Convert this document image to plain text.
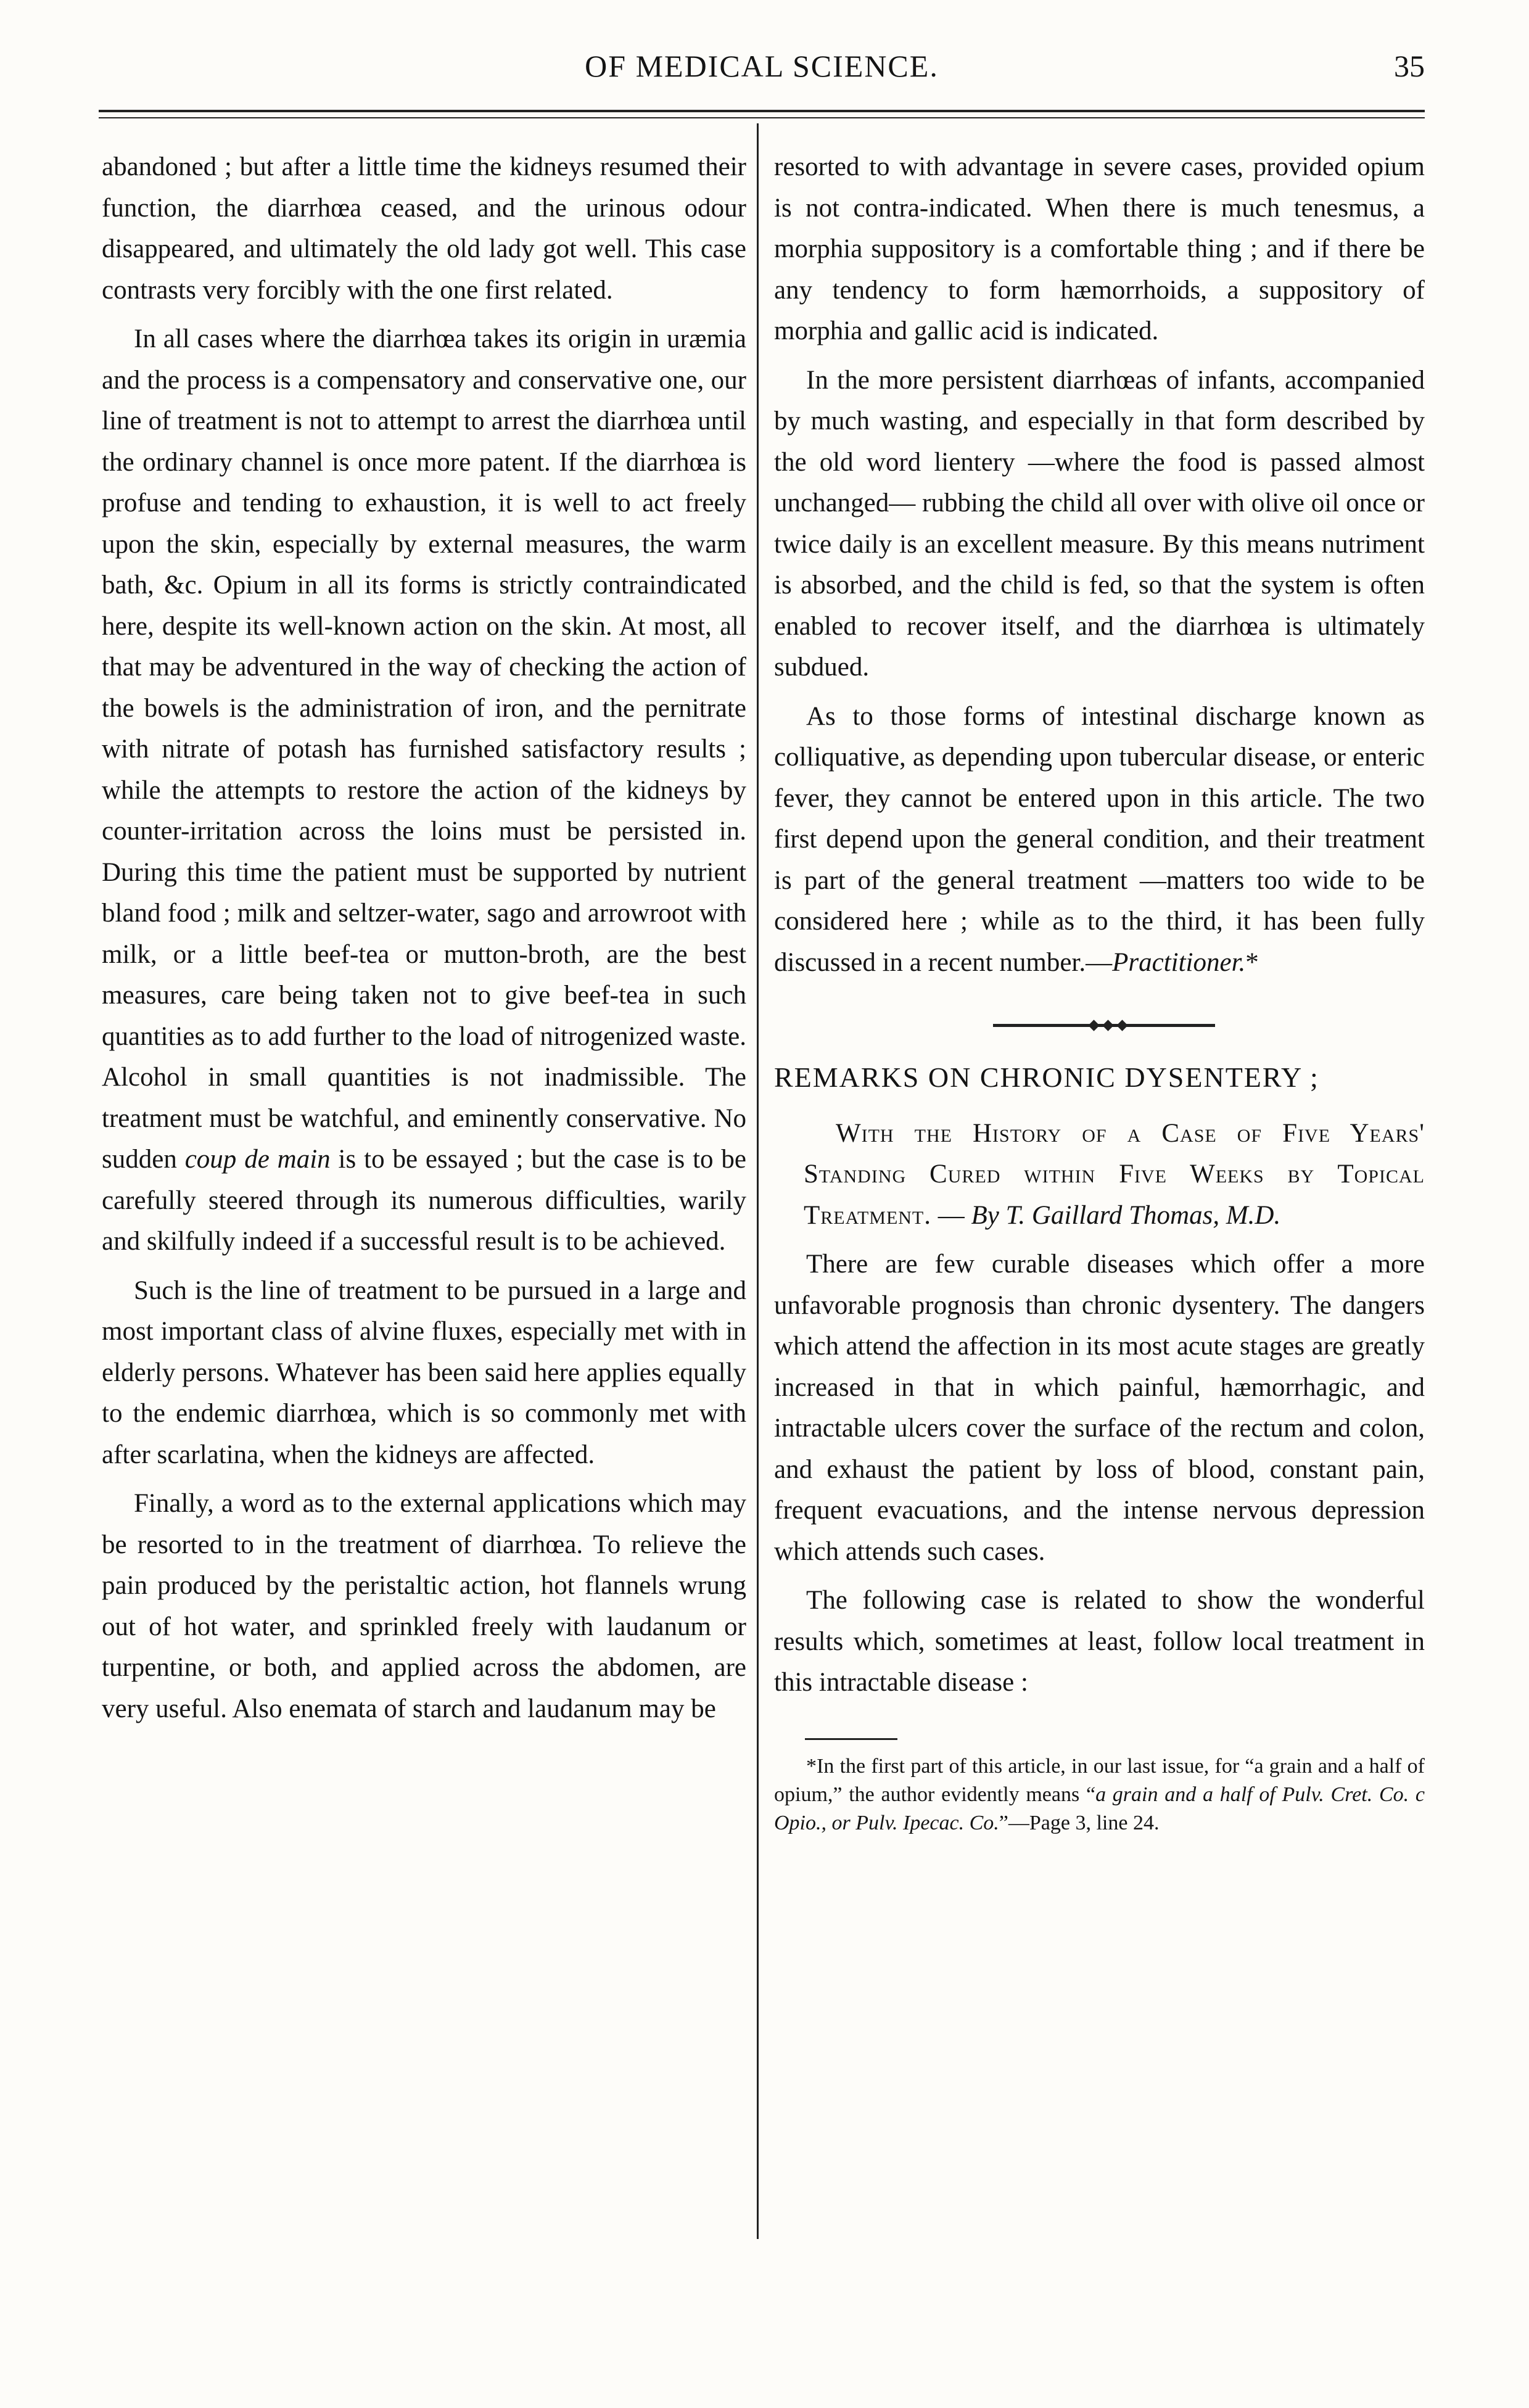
OF MEDICAL SCIENCE.	35

abandoned ; but after a little time the kidneys resumed their function, the diarrhœa ceased, and the urinous odour disappeared, and ultimately the old lady got well. This case contrasts very forcibly with the one first related.

In all cases where the diarrhœa takes its origin in uræmia and the process is a compensatory and conservative one, our line of treatment is not to attempt to arrest the diarrhœa until the ordinary channel is once more patent. If the diarrhœa is profuse and tending to exhaustion, it is well to act freely upon the skin, especially by external measures, the warm bath, &c. Opium in all its forms is strictly contraindicated here, despite its well-known action on the skin. At most, all that may be adventured in the way of checking the action of the bowels is the administration of iron, and the pernitrate with nitrate of potash has furnished satisfactory results ; while the attempts to restore the action of the kidneys by counter-irritation across the loins must be persisted in. During this time the patient must be supported by nutrient bland food ; milk and seltzer-water, sago and arrowroot with milk, or a little beef-tea or mutton-broth, are the best measures, care being taken not to give beef-tea in such quantities as to add further to the load of nitrogenized waste. Alcohol in small quantities is not inadmissible. The treatment must be watchful, and eminently conservative. No sudden coup de main is to be essayed ; but the case is to be carefully steered through its numerous difficulties, warily and skilfully indeed if a successful result is to be achieved.

Such is the line of treatment to be pursued in a large and most important class of alvine fluxes, especially met with in elderly persons. Whatever has been said here applies equally to the endemic diarrhœa, which is so commonly met with after scarlatina, when the kidneys are affected.

Finally, a word as to the external applications which may be resorted to in the treatment of diarrhœa. To relieve the pain produced by the peristaltic action, hot flannels wrung out of hot water, and sprinkled freely with laudanum or turpentine, or both, and applied across the abdomen, are very useful. Also enemata of starch and laudanum may be

resorted to with advantage in severe cases, provided opium is not contra-indicated. When there is much tenesmus, a morphia suppository is a comfortable thing ; and if there be any tendency to form hæmorrhoids, a suppository of morphia and gallic acid is indicated.

In the more persistent diarrhœas of infants, accompanied by much wasting, and especially in that form described by the old word lientery —where the food is passed almost unchanged— rubbing the child all over with olive oil once or twice daily is an excellent measure. By this means nutriment is absorbed, and the child is fed, so that the system is often enabled to recover itself, and the diarrhœa is ultimately subdued.

As to those forms of intestinal discharge known as colliquative, as depending upon tubercular disease, or enteric fever, they cannot be entered upon in this article. The two first depend upon the general condition, and their treatment is part of the general treatment —matters too wide to be considered here ; while as to the third, it has been fully discussed in a recent number.—Practitioner.*

REMARKS ON CHRONIC DYSENTERY ;

With the History of a Case of Five Years' Standing Cured within Five Weeks by Topical Treatment. — By T. Gaillard Thomas, M.D.

There are few curable diseases which offer a more unfavorable prognosis than chronic dysentery. The dangers which attend the affection in its most acute stages are greatly increased in that in which painful, hæmorrhagic, and intractable ulcers cover the surface of the rectum and colon, and exhaust the patient by loss of blood, constant pain, frequent evacuations, and the intense nervous depression which attends such cases.

The following case is related to show the wonderful results which, sometimes at least, follow local treatment in this intractable disease :

*In the first part of this article, in our last issue, for “a grain and a half of opium,” the author evidently means “a grain and a half of Pulv. Cret. Co. c Opio., or Pulv. Ipecac. Co.”—Page 3, line 24.
